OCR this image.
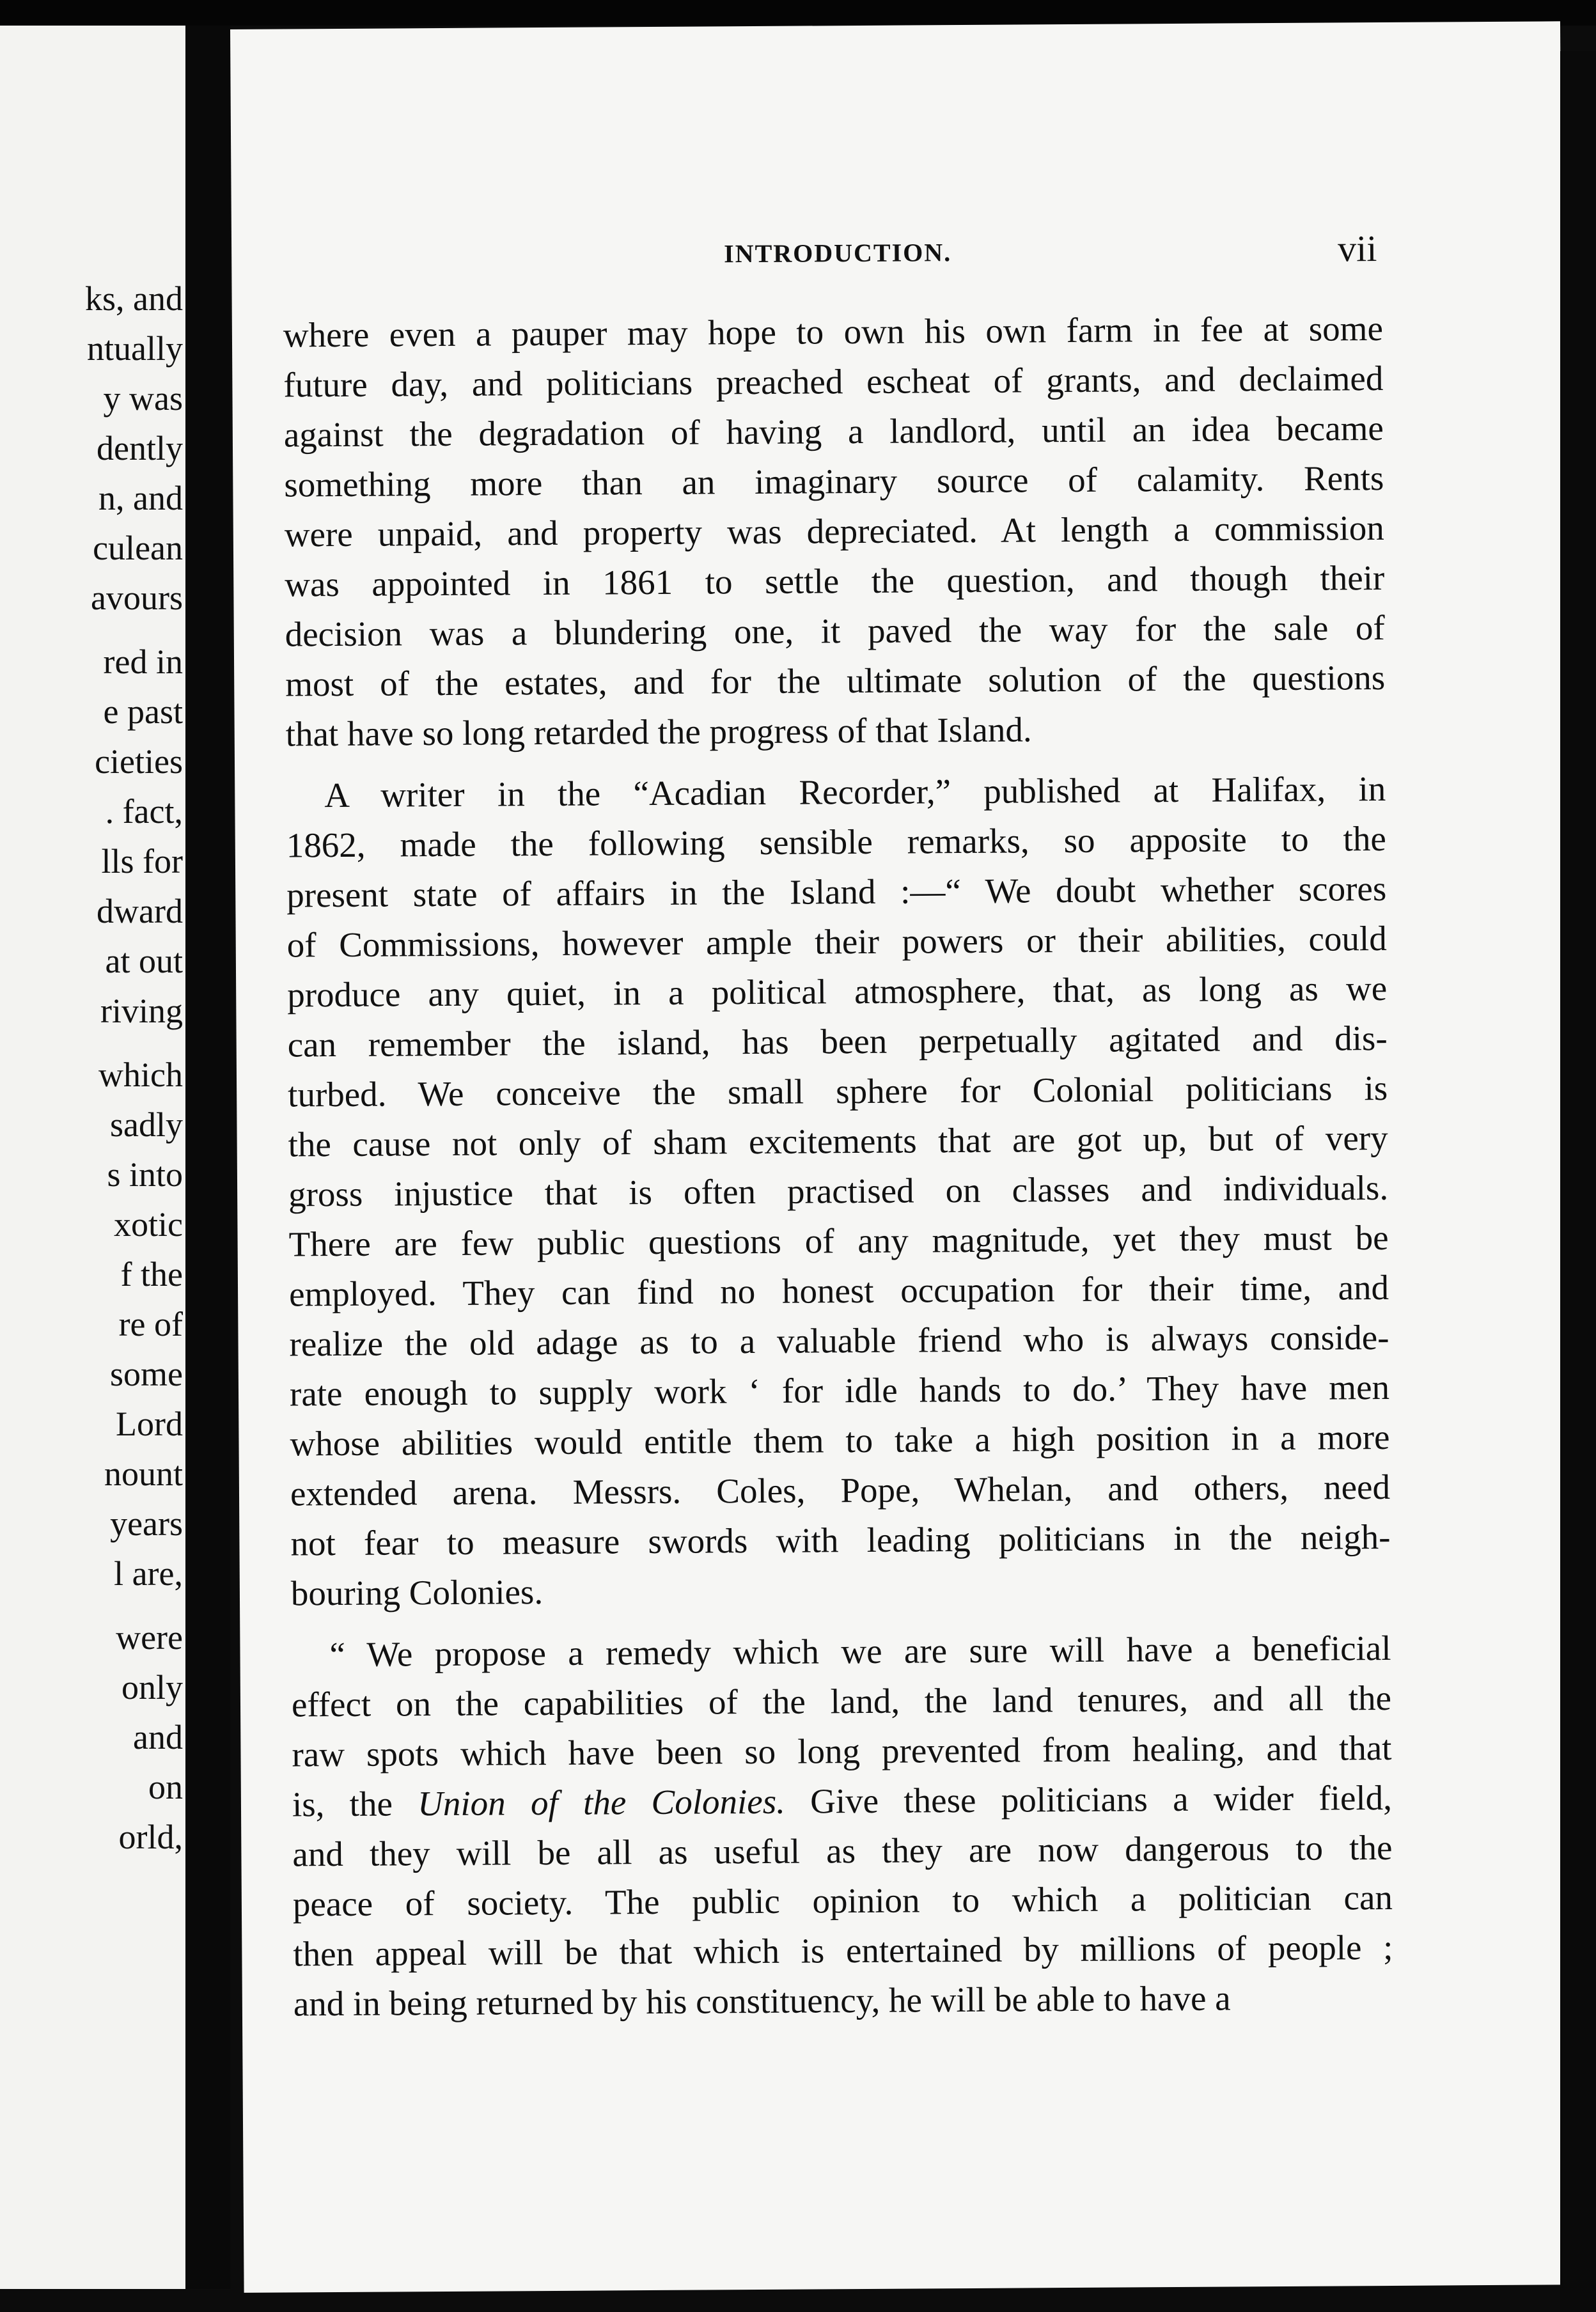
ks, and
ntually
y was
dently
n, and
culean
avours
red in
e past
cieties
. fact,
lls for
dward
at out
riving
which
sadly
s into
xotic
f the
re of
some
Lord
nount
years
l are,
were
only
and
on
orld,
INTRODUCTION.	vii
where even a pauper may hope to own his own farm in fee at some
future day, and politicians preached escheat of grants, and declaimed
against the degradation of having a landlord, until an idea became
something more than an imaginary source of calamity. Rents
were unpaid, and property was depreciated. At length a commission
was appointed in 1861 to settle the question, and though their
decision was a blundering one, it paved the way for the sale of
most of the estates, and for the ultimate solution of the questions
that have so long retarded the progress of that Island.
A writer in the “Acadian Recorder,” published at Halifax, in
1862, made the following sensible remarks, so apposite to the
present state of affairs in the Island :—“ We doubt whether scores
of Commissions, however ample their powers or their abilities, could
produce any quiet, in a political atmosphere, that, as long as we
can remember the island, has been perpetually agitated and dis-
turbed. We conceive the small sphere for Colonial politicians is
the cause not only of sham excitements that are got up, but of very
gross injustice that is often practised on classes and individuals.
There are few public questions of any magnitude, yet they must be
employed. They can find no honest occupation for their time, and
realize the old adage as to a valuable friend who is always conside-
rate enough to supply work ‘ for idle hands to do.’ They have men
whose abilities would entitle them to take a high position in a more
extended arena. Messrs. Coles, Pope, Whelan, and others, need
not fear to measure swords with leading politicians in the neigh-
bouring Colonies.
“ We propose a remedy which we are sure will have a beneficial
effect on the capabilities of the land, the land tenures, and all the
raw spots which have been so long prevented from healing, and that
is, the Union of the Colonies. Give these politicians a wider field,
and they will be all as useful as they are now dangerous to the
peace of society. The public opinion to which a politician can
then appeal will be that which is entertained by millions of people ;
and in being returned by his constituency, he will be able to have a
